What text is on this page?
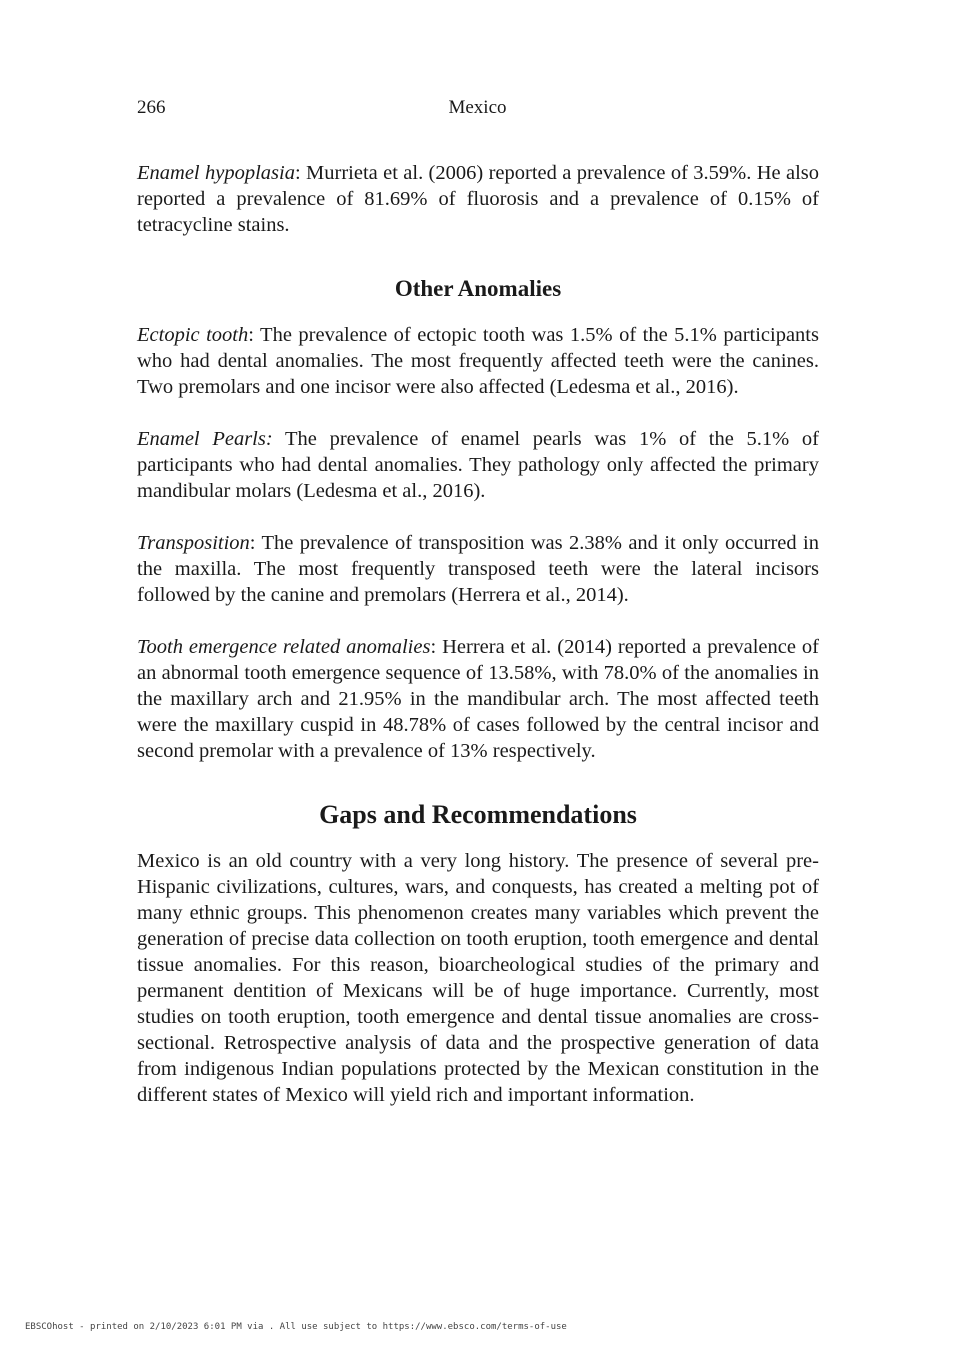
266	Mexico

Enamel hypoplasia: Murrieta et al. (2006) reported a prevalence of 3.59%. He also reported a prevalence of 81.69% of fluorosis and a prevalence of 0.15% of tetracycline stains.

Other Anomalies

Ectopic tooth: The prevalence of ectopic tooth was 1.5% of the 5.1% participants who had dental anomalies. The most frequently affected teeth were the canines. Two premolars and one incisor were also affected (Ledesma et al., 2016).

Enamel Pearls: The prevalence of enamel pearls was 1% of the 5.1% of participants who had dental anomalies. They pathology only affected the primary mandibular molars (Ledesma et al., 2016).

Transposition: The prevalence of transposition was 2.38% and it only occurred in the maxilla. The most frequently transposed teeth were the lateral incisors followed by the canine and premolars (Herrera et al., 2014).

Tooth emergence related anomalies: Herrera et al. (2014) reported a prevalence of an abnormal tooth emergence sequence of 13.58%, with 78.0% of the anomalies in the maxillary arch and 21.95% in the mandibular arch. The most affected teeth were the maxillary cuspid in 48.78% of cases followed by the central incisor and second premolar with a prevalence of 13% respectively.

Gaps and Recommendations

Mexico is an old country with a very long history. The presence of several pre-Hispanic civilizations, cultures, wars, and conquests, has created a melting pot of many ethnic groups. This phenomenon creates many variables which prevent the generation of precise data collection on tooth eruption, tooth emergence and dental tissue anomalies. For this reason, bioarcheological studies of the primary and permanent dentition of Mexicans will be of huge importance. Currently, most studies on tooth eruption, tooth emergence and dental tissue anomalies are cross-sectional. Retrospective analysis of data and the prospective generation of data from indigenous Indian populations protected by the Mexican constitution in the different states of Mexico will yield rich and important information.

EBSCOhost - printed on 2/10/2023 6:01 PM via . All use subject to https://www.ebsco.com/terms-of-use
